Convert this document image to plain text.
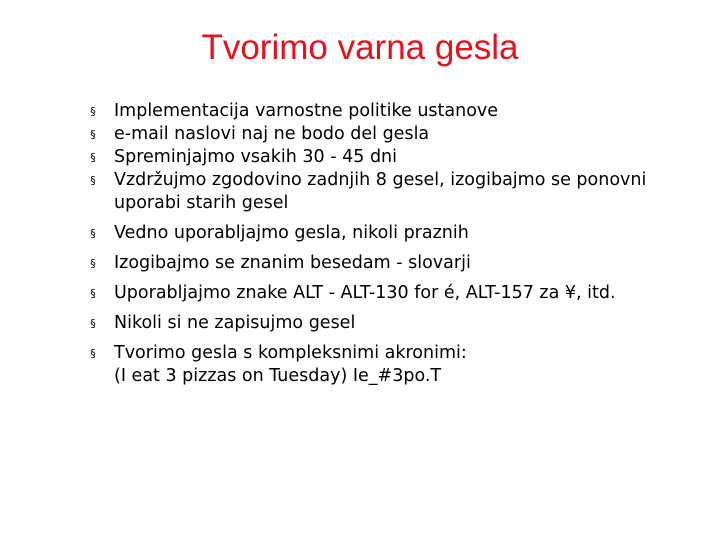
Tvorimo varna gesla
§ Implementacija varnostne politike ustanove
§ e-mail naslovi naj ne bodo del gesla
§ Spreminjajmo vsakih 30 - 45 dni
§ Vzdržujmo zgodovino zadnjih 8 gesel, izogibajmo se ponovni
uporabi starih gesel
§ Vedno uporabljajmo gesla, nikoli praznih
§ Izogibajmo se znanim besedam - slovarji
§ Uporabljajmo znake ALT - ALT-130 for é, ALT-157 za ¥, itd.
§ Nikoli si ne zapisujmo gesel
§ Tvorimo gesla s kompleksnimi akronimi:
(I eat 3 pizzas on Tuesday) Ie_#3po.T
